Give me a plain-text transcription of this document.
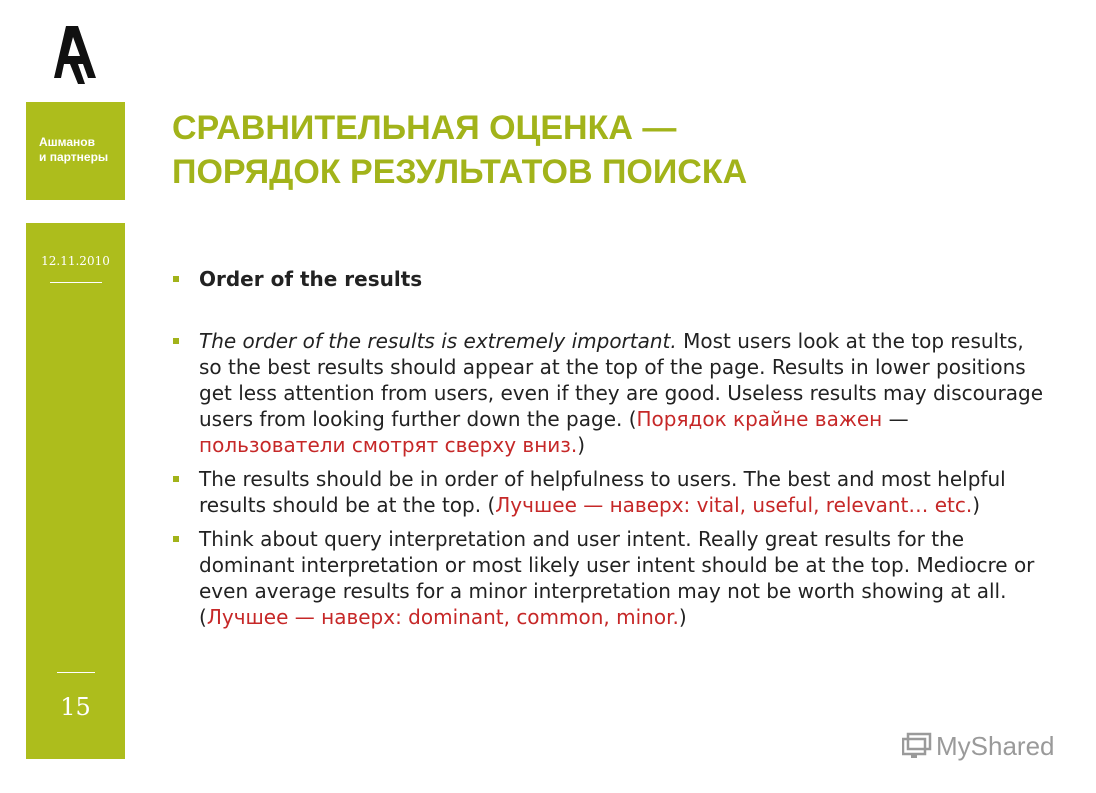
Ашманов
и партнеры
12.11.2010
15
СРАВНИТЕЛЬНАЯ ОЦЕНКА —
ПОРЯДОК РЕЗУЛЬТАТОВ ПОИСКА
Order of the results
The order of the results is extremely important. Most users look at the top results, so the best results should appear at the top of the page. Results in lower positions get less attention from users, even if they are good. Useless results may discourage users from looking further down the page. (Порядок крайне важен — пользователи смотрят сверху вниз.)
The results should be in order of helpfulness to users. The best and most helpful results should be at the top. (Лучшее — наверх: vital, useful, relevant… etc.)
Think about query interpretation and user intent. Really great results for the dominant interpretation or most likely user intent should be at the top. Mediocre or even average results for a minor interpretation may not be worth showing at all. (Лучшее — наверх: dominant, common, minor.)
MyShared
